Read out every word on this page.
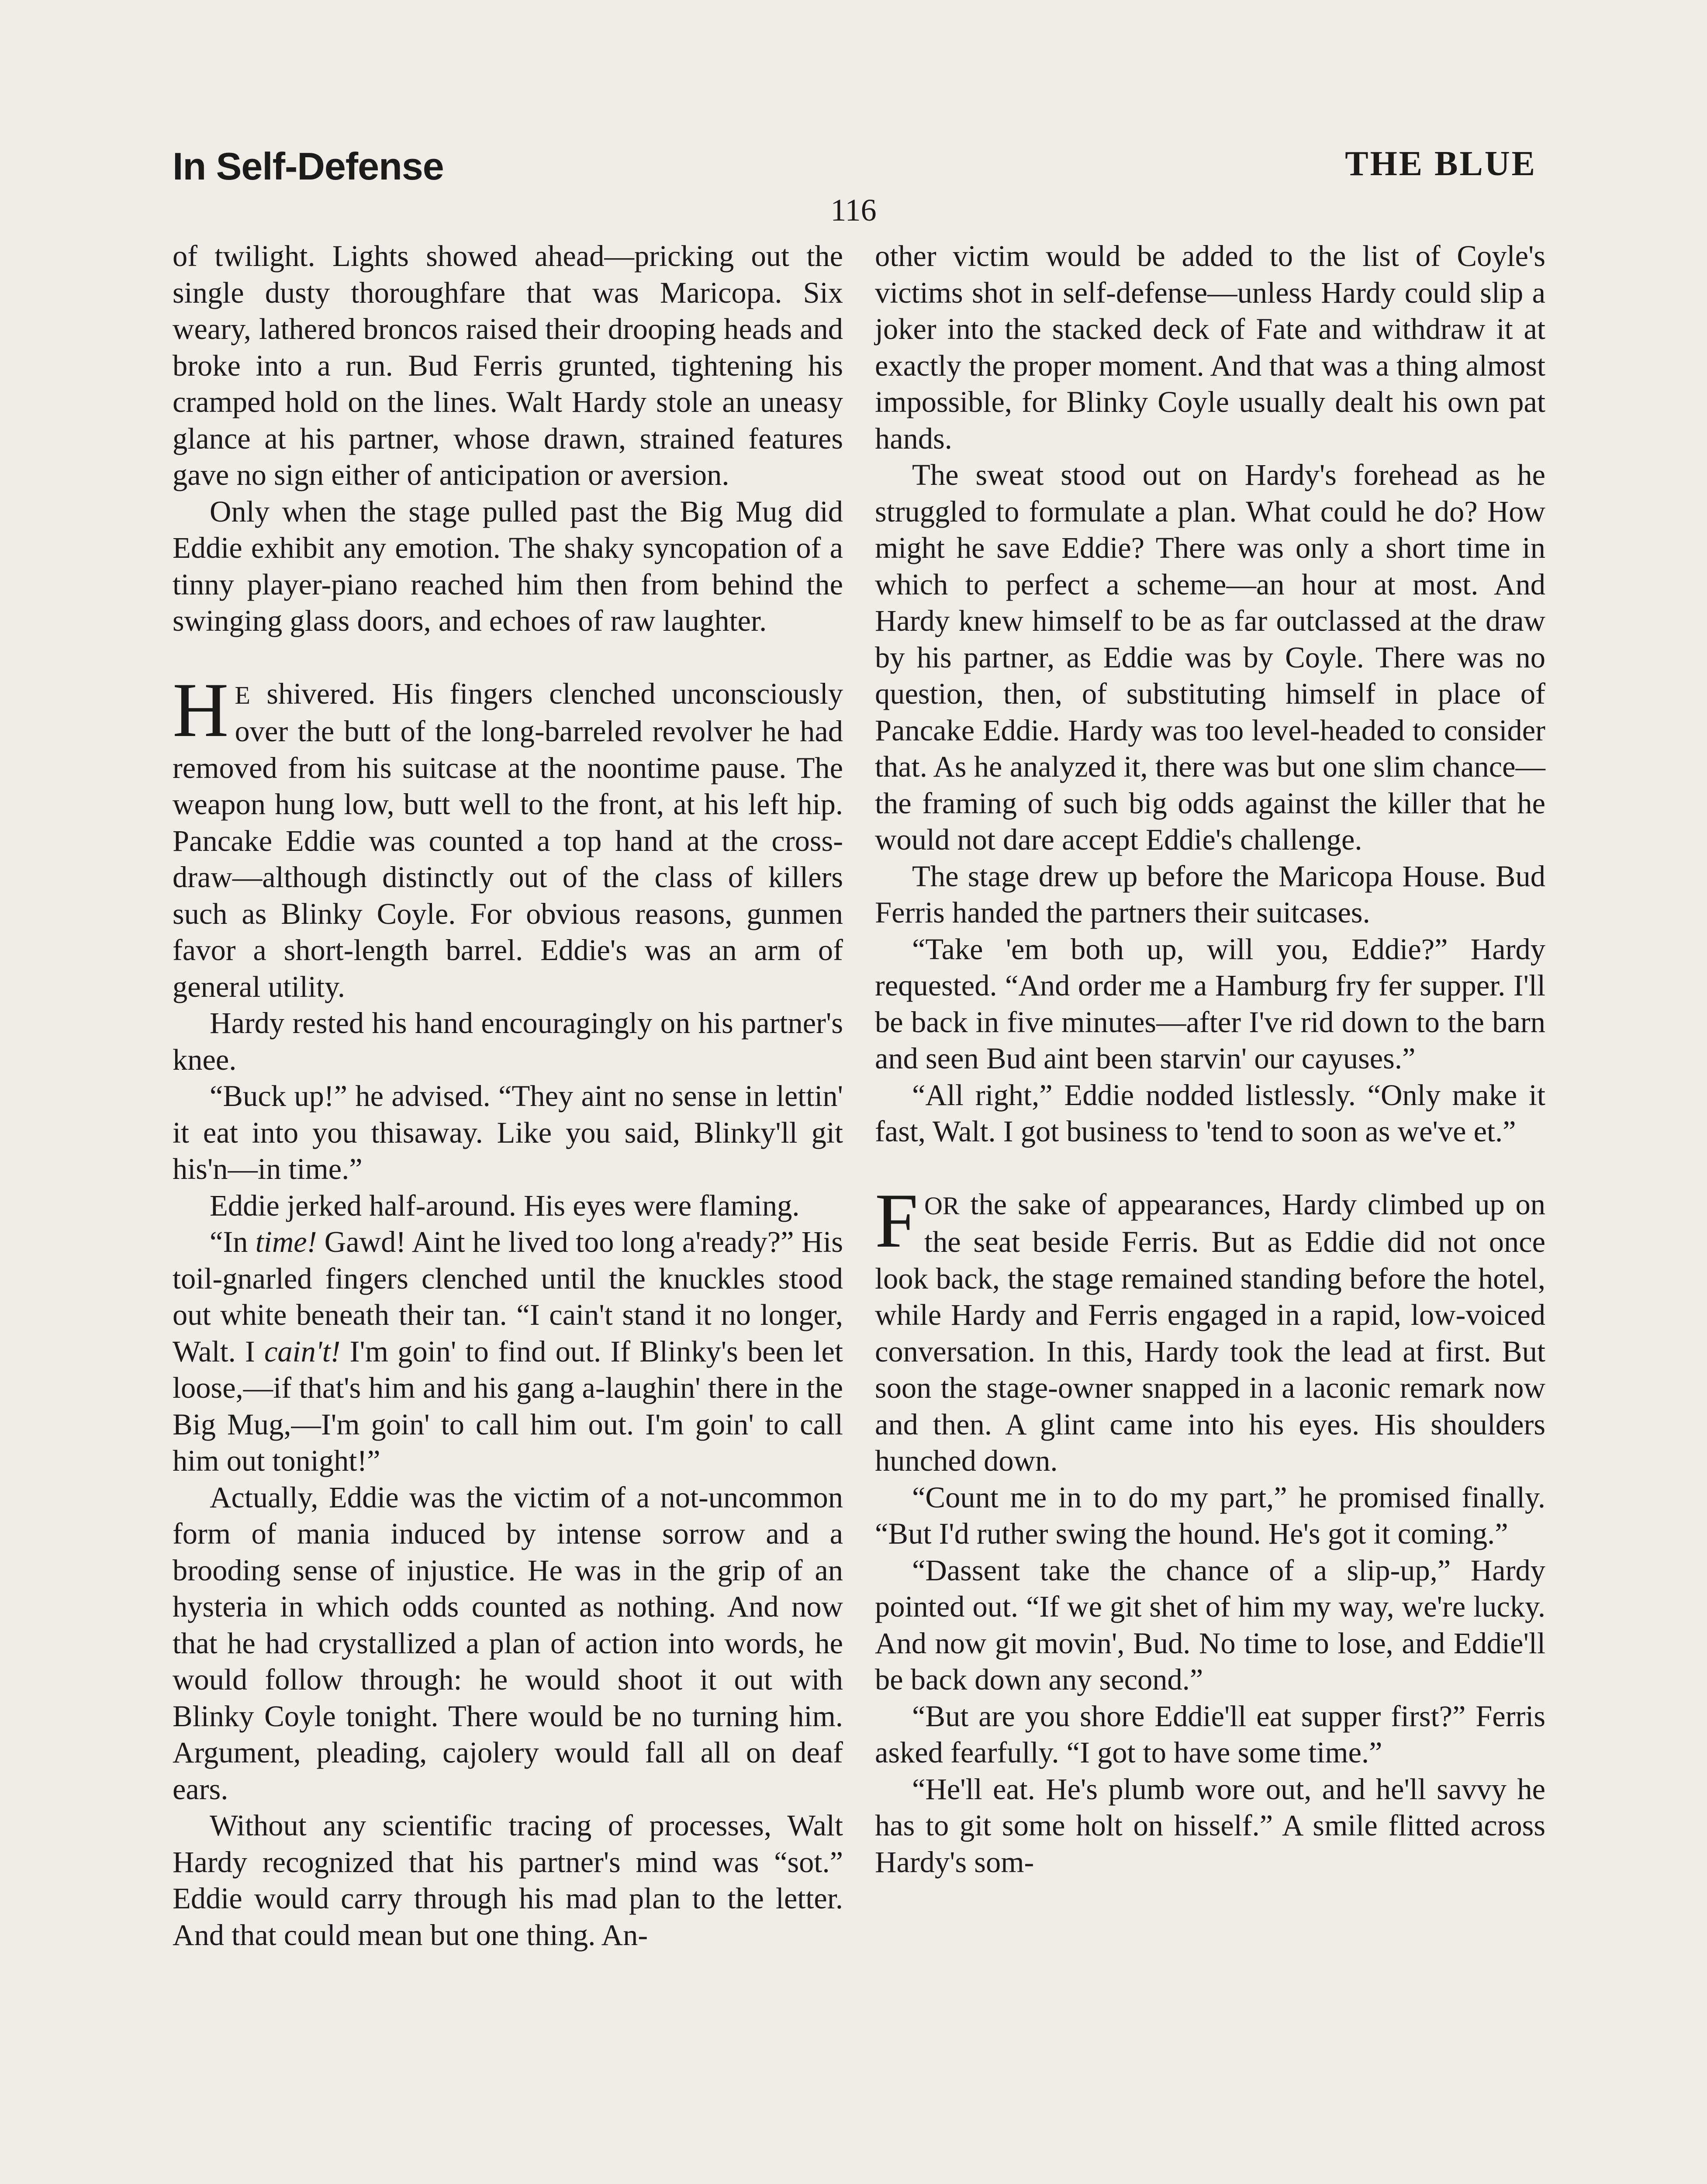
In Self-Defense	THE BLUE
116

of twilight. Lights showed ahead—pricking out the single dusty thoroughfare that was Maricopa. Six weary, lathered broncos raised their drooping heads and broke into a run. Bud Ferris grunted, tightening his cramped hold on the lines. Walt Hardy stole an uneasy glance at his partner, whose drawn, strained features gave no sign either of anticipation or aversion.

Only when the stage pulled past the Big Mug did Eddie exhibit any emotion. The shaky syncopation of a tinny player-piano reached him then from behind the swinging glass doors, and echoes of raw laughter.

H E shivered. His fingers clenched unconsciously over the butt of the long-barreled revolver he had removed from his suitcase at the noontime pause. The weapon hung low, butt well to the front, at his left hip. Pancake Eddie was counted a top hand at the cross-draw—although distinctly out of the class of killers such as Blinky Coyle. For obvious reasons, gunmen favor a short-length barrel. Eddie's was an arm of general utility.

Hardy rested his hand encouragingly on his partner's knee.

“Buck up!” he advised. “They aint no sense in lettin' it eat into you thisaway. Like you said, Blinky'll git his'n—in time.”

Eddie jerked half-around. His eyes were flaming.

“In time! Gawd! Aint he lived too long a'ready?” His toil-gnarled fingers clenched until the knuckles stood out white beneath their tan. “I cain't stand it no longer, Walt. I cain't! I'm goin' to find out. If Blinky's been let loose,—if that's him and his gang a-laughin' there in the Big Mug,—I'm goin' to call him out. I'm goin' to call him out tonight!”

Actually, Eddie was the victim of a not-uncommon form of mania induced by intense sorrow and a brooding sense of injustice. He was in the grip of an hysteria in which odds counted as nothing. And now that he had crystallized a plan of action into words, he would follow through: he would shoot it out with Blinky Coyle tonight. There would be no turning him. Argument, pleading, cajolery would fall all on deaf ears.

Without any scientific tracing of processes, Walt Hardy recognized that his partner's mind was “sot.” Eddie would carry through his mad plan to the letter. And that could mean but one thing. An-

other victim would be added to the list of Coyle's victims shot in self-defense—unless Hardy could slip a joker into the stacked deck of Fate and withdraw it at exactly the proper moment. And that was a thing almost impossible, for Blinky Coyle usually dealt his own pat hands.

The sweat stood out on Hardy's forehead as he struggled to formulate a plan. What could he do? How might he save Eddie? There was only a short time in which to perfect a scheme—an hour at most. And Hardy knew himself to be as far outclassed at the draw by his partner, as Eddie was by Coyle. There was no question, then, of substituting himself in place of Pancake Eddie. Hardy was too level-headed to consider that. As he analyzed it, there was but one slim chance—the framing of such big odds against the killer that he would not dare accept Eddie's challenge.

The stage drew up before the Maricopa House. Bud Ferris handed the partners their suitcases.

“Take 'em both up, will you, Eddie?” Hardy requested. “And order me a Hamburg fry fer supper. I'll be back in five minutes—after I've rid down to the barn and seen Bud aint been starvin' our cayuses.”

“All right,” Eddie nodded listlessly. “Only make it fast, Walt. I got business to 'tend to soon as we've et.”

FOR the sake of appearances, Hardy climbed up on the seat beside Ferris. But as Eddie did not once look back, the stage remained standing before the hotel, while Hardy and Ferris engaged in a rapid, low-voiced conversation. In this, Hardy took the lead at first. But soon the stage-owner snapped in a laconic remark now and then. A glint came into his eyes. His shoulders hunched down.

“Count me in to do my part,” he promised finally. “But I'd ruther swing the hound. He's got it coming.”

“Dassent take the chance of a slip-up,” Hardy pointed out. “If we git shet of him my way, we're lucky. And now git movin', Bud. No time to lose, and Eddie'll be back down any second.”

“But are you shore Eddie'll eat supper first?” Ferris asked fearfully. “I got to have some time.”

“He'll eat. He's plumb wore out, and he'll savvy he has to git some holt on hisself.” A smile flitted across Hardy's som-
